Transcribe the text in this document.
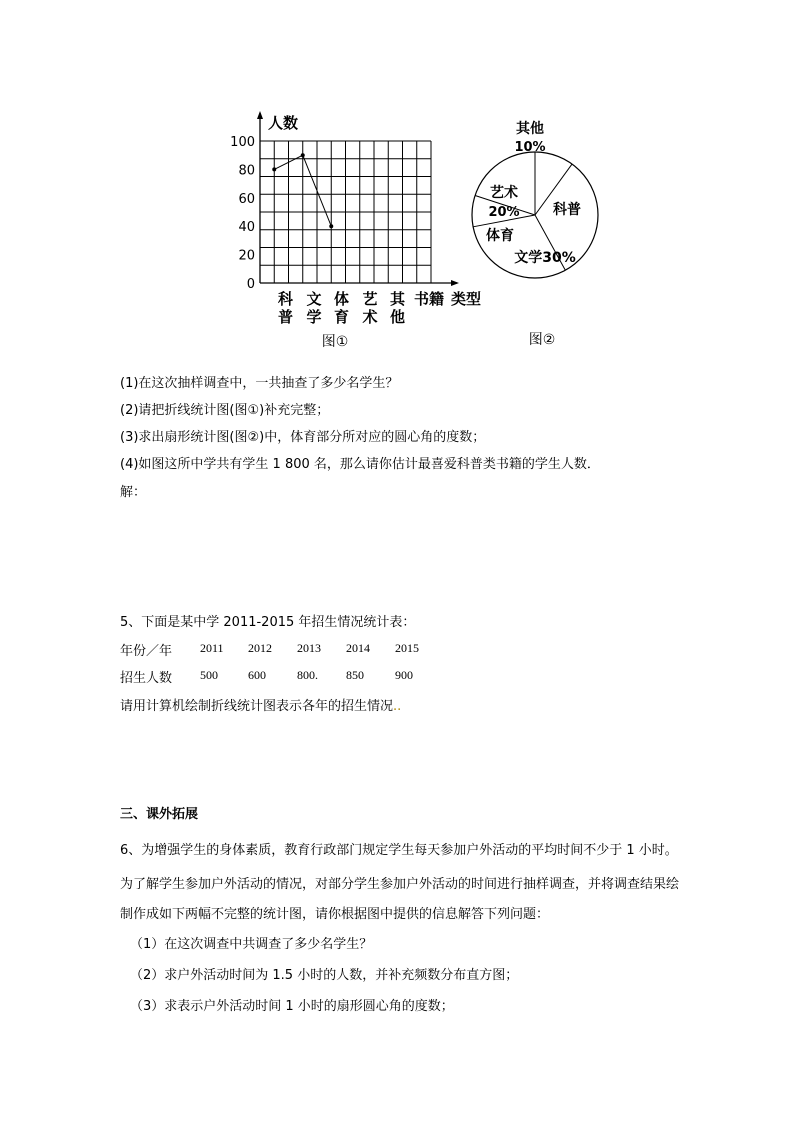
人数
类型
100
80
60
40
20
0
科
普
文
学
体
育
艺
术
其
他
书籍
图①
其他
10%
科普
文学30%
体育
艺术
20%
图②
(1)在这次抽样调查中，一共抽查了多少名学生？
(2)请把折线统计图(图①)补充完整；
(3)求出扇形统计图(图②)中，体育部分所对应的圆心角的度数；
(4)如图这所中学共有学生 1 800 名，那么请你估计最喜爱科普类书籍的学生人数．
解：
5、下面是某中学 2011-2015 年招生情况统计表：
年份／年 2011 2012 2013 2014 2015
招生人数 500	600	800. 850	900
请用计算机绘制折线统计图表示各年的招生情况..
三、课外拓展
6、为增强学生的身体素质，教育行政部门规定学生每天参加户外活动的平均时间不少于 1 小时。
为了解学生参加户外活动的情况，对部分学生参加户外活动的时间进行抽样调查，并将调查结果绘
制作成如下两幅不完整的统计图，请你根据图中提供的信息解答下列问题：
（1）在这次调查中共调查了多少名学生？
（2）求户外活动时间为 1.5 小时的人数，并补充频数分布直方图；
（3）求表示户外活动时间 1 小时的扇形圆心角的度数；
